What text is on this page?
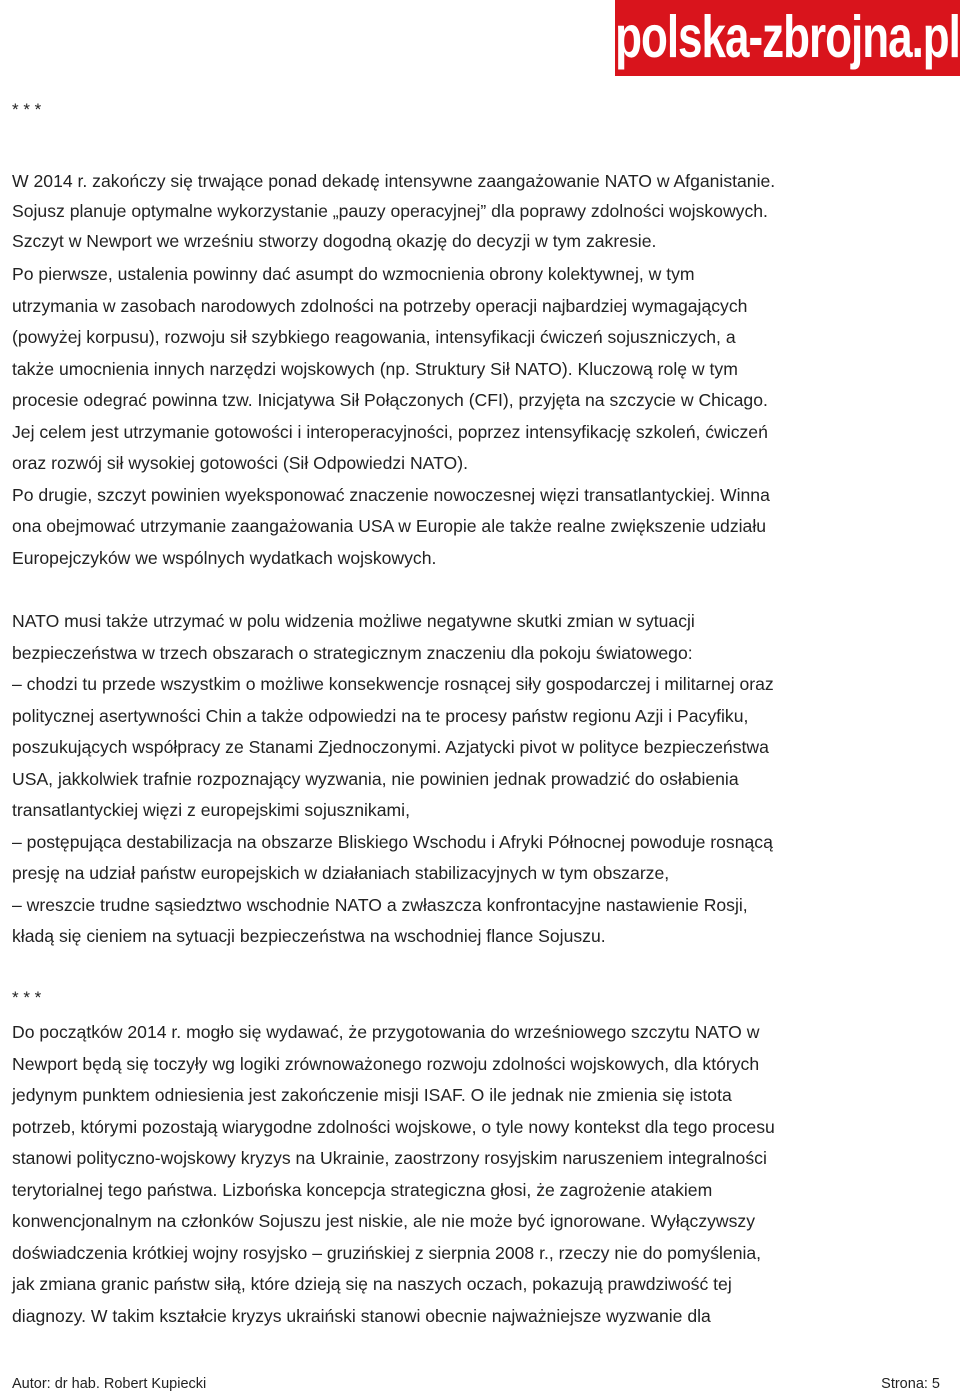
polska-zbrojna.pl

* * *

W 2014 r. zakończy się trwające ponad dekadę intensywne zaangażowanie NATO w Afganistanie.
Sojusz planuje optymalne wykorzystanie „pauzy operacyjnej” dla poprawy zdolności wojskowych.
Szczyt w Newport we wrześniu stworzy dogodną okazję do decyzji w tym zakresie.
Po pierwsze, ustalenia powinny dać asumpt do wzmocnienia obrony kolektywnej, w tym
utrzymania w zasobach narodowych zdolności na potrzeby operacji najbardziej wymagających
(powyżej korpusu), rozwoju sił szybkiego reagowania, intensyfikacji ćwiczeń sojuszniczych, a
także umocnienia innych narzędzi wojskowych (np. Struktury Sił NATO). Kluczową rolę w tym
procesie odegrać powinna tzw. Inicjatywa Sił Połączonych (CFI), przyjęta na szczycie w Chicago.
Jej celem jest utrzymanie gotowości i interoperacyjności, poprzez intensyfikację szkoleń, ćwiczeń
oraz rozwój sił wysokiej gotowości (Sił Odpowiedzi NATO).
Po drugie, szczyt powinien wyeksponować znaczenie nowoczesnej więzi transatlantyckiej. Winna
ona obejmować utrzymanie zaangażowania USA w Europie ale także realne zwiększenie udziału
Europejczyków we wspólnych wydatkach wojskowych.
NATO musi także utrzymać w polu widzenia możliwe negatywne skutki zmian w sytuacji
bezpieczeństwa w trzech obszarach o strategicznym znaczeniu dla pokoju światowego:
– chodzi tu przede wszystkim o możliwe konsekwencje rosnącej siły gospodarczej i militarnej oraz
politycznej asertywności Chin a także odpowiedzi na te procesy państw regionu Azji i Pacyfiku,
poszukujących współpracy ze Stanami Zjednoczonymi. Azjatycki pivot w polityce bezpieczeństwa
USA, jakkolwiek trafnie rozpoznający wyzwania, nie powinien jednak prowadzić do osłabienia
transatlantyckiej więzi z europejskimi sojusznikami,
– postępująca destabilizacja na obszarze Bliskiego Wschodu i Afryki Północnej powoduje rosnącą
presję na udział państw europejskich w działaniach stabilizacyjnych w tym obszarze,
– wreszcie trudne sąsiedztwo wschodnie NATO a zwłaszcza konfrontacyjne nastawienie Rosji,
kładą się cieniem na sytuacji bezpieczeństwa na wschodniej flance Sojuszu.

* * *

Do początków 2014 r. mogło się wydawać, że przygotowania do wrześniowego szczytu NATO w
Newport będą się toczyły wg logiki zrównoważonego rozwoju zdolności wojskowych, dla których
jedynym punktem odniesienia jest zakończenie misji ISAF. O ile jednak nie zmienia się istota
potrzeb, którymi pozostają wiarygodne zdolności wojskowe, o tyle nowy kontekst dla tego procesu
stanowi polityczno-wojskowy kryzys na Ukrainie, zaostrzony rosyjskim naruszeniem integralności
terytorialnej tego państwa. Lizbońska koncepcja strategiczna głosi, że zagrożenie atakiem
konwencjonalnym na członków Sojuszu jest niskie, ale nie może być ignorowane. Wyłączywszy
doświadczenia krótkiej wojny rosyjsko – gruzińskiej z sierpnia 2008 r., rzeczy nie do pomyślenia,
jak zmiana granic państw siłą, które dzieją się na naszych oczach, pokazują prawdziwość tej
diagnozy. W takim kształcie kryzys ukraiński stanowi obecnie najważniejsze wyzwanie dla
Autor: dr hab. Robert Kupiecki	Strona: 5
